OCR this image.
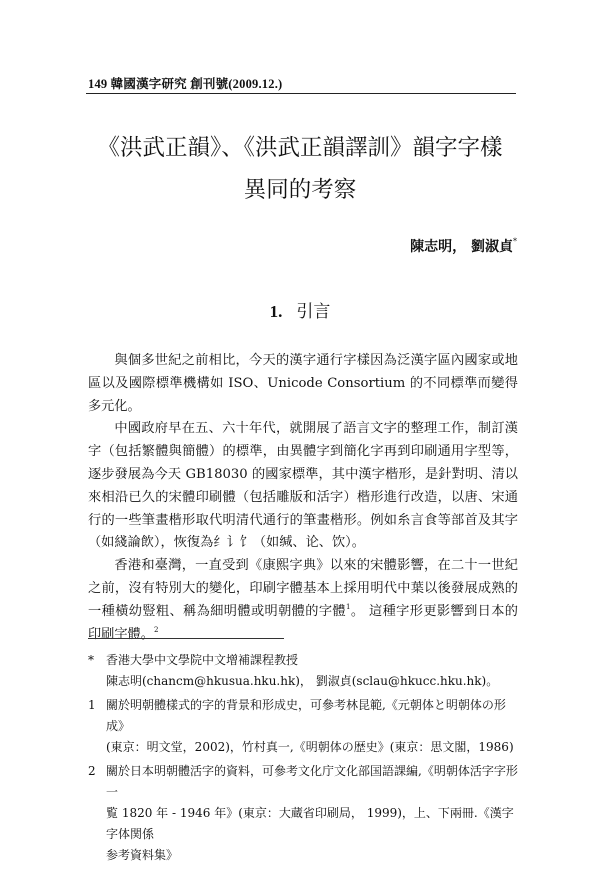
149 韓國漢字研究 創刊號(2009.12.)
《洪武正韻》、《洪武正韻譯訓》韻字字樣
異同的考察
陳志明， 劉淑貞*
1. 引言

與個多世紀之前相比，今天的漢字通行字樣因為泛漢字區內國家或地區以及國際標準機構如 ISO、Unicode Consortium 的不同標準而變得多元化。

中國政府早在五、六十年代，就開展了語言文字的整理工作，制訂漢字（包括繁體與簡體）的標準，由異體字到簡化字再到印刷通用字型等，逐步發展為今天 GB18030 的國家標準，其中漢字楷形，是針對明、清以來相沿已久的宋體印刷體（包括雕版和活字）楷形進行改造，以唐、宋通行的一些筆畫楷形取代明清代通行的筆畫楷形。例如糸言食等部首及其字（如綫論飲），恢復為纟讠饣（如缄、论、饮）。

香港和臺灣，一直受到《康熙字典》以來的宋體影響，在二十一世紀之前，沒有特別大的變化，印刷字體基本上採用明代中葉以後發展成熟的一種橫幼豎粗、稱為細明體或明朝體的字體$^1$。 這種字形更影響到日本的印刷字體。$^2$

* 香港大學中文學院中文增補課程教授
陳志明(chancm@hkusua.hku.hk)， 劉淑貞(sclau@hkucc.hku.hk)。
1 關於明朝體樣式的字的背景和形成史，可參考林昆範,《元朝体と明朝体の形成》
(東京：明文堂，2002)，竹村真一,《明朝体の歴史》(東京：思文閣，1986)
2 關於日本明朝體活字的資料，可參考文化庁文化部国語課編,《明朝体活字字形一
覧 1820 年 - 1946 年》(東京：大蔵省印刷局， 1999)，上、下兩冊.《漢字字体関係
参考資料集》
